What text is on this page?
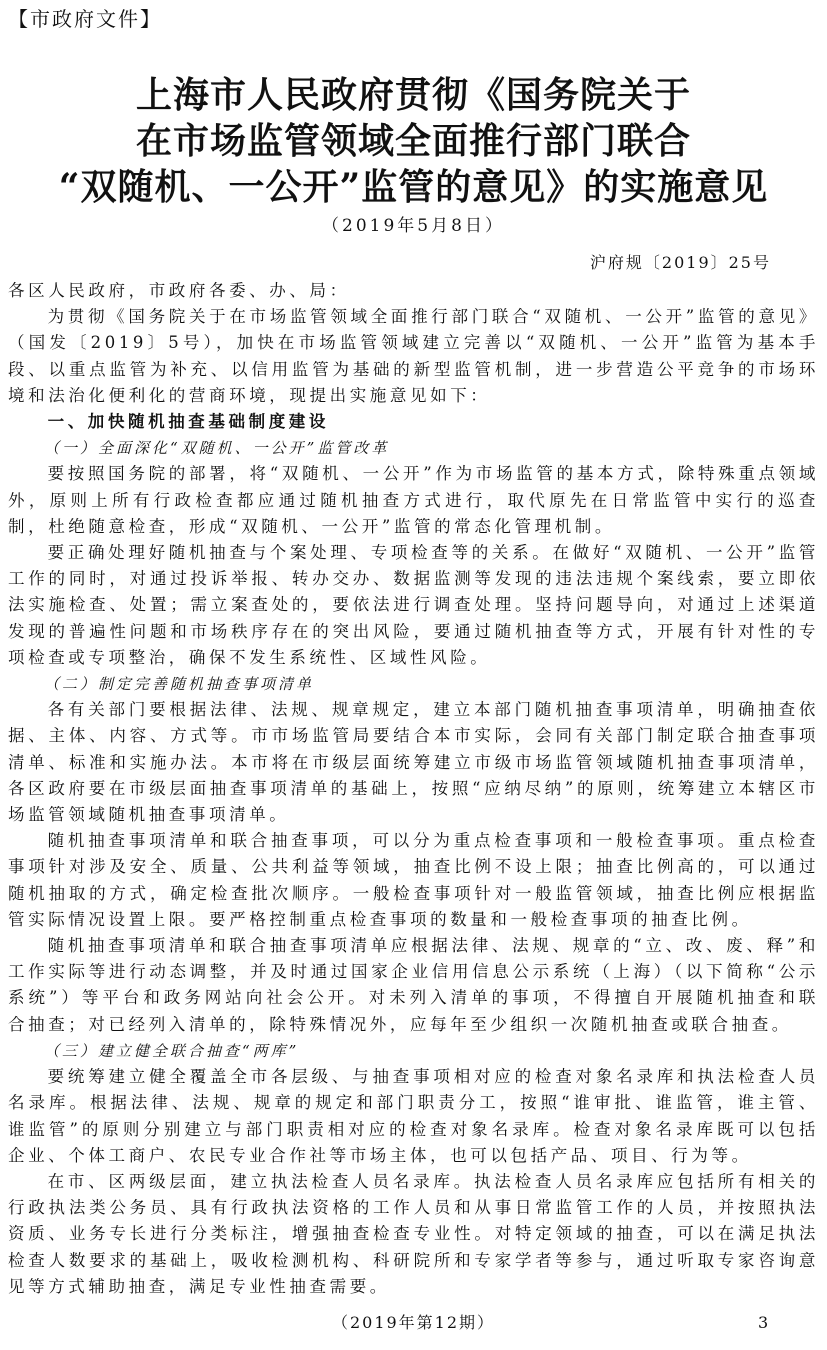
【市政府文件】
上海市人民政府贯彻《国务院关于
在市场监管领域全面推行部门联合
“双随机、一公开”监管的意见》的实施意见
（2019年5月8日）
沪府规〔2019〕25号

各区人民政府，市政府各委、办、局：

为贯彻《国务院关于在市场监管领域全面推行部门联合“双随机、一公开”监管的意见》（国发〔2019〕5号），加快在市场监管领域建立完善以“双随机、一公开”监管为基本手段、以重点监管为补充、以信用监管为基础的新型监管机制，进一步营造公平竞争的市场环境和法治化便利化的营商环境，现提出实施意见如下：

一、加快随机抽查基础制度建设

（一）全面深化“双随机、一公开”监管改革

要按照国务院的部署，将“双随机、一公开”作为市场监管的基本方式，除特殊重点领域外，原则上所有行政检查都应通过随机抽查方式进行，取代原先在日常监管中实行的巡查制，杜绝随意检查，形成“双随机、一公开”监管的常态化管理机制。

要正确处理好随机抽查与个案处理、专项检查等的关系。在做好“双随机、一公开”监管工作的同时，对通过投诉举报、转办交办、数据监测等发现的违法违规个案线索，要立即依法实施检查、处置；需立案查处的，要依法进行调查处理。坚持问题导向，对通过上述渠道发现的普遍性问题和市场秩序存在的突出风险，要通过随机抽查等方式，开展有针对性的专项检查或专项整治，确保不发生系统性、区域性风险。

（二）制定完善随机抽查事项清单

各有关部门要根据法律、法规、规章规定，建立本部门随机抽查事项清单，明确抽查依据、主体、内容、方式等。市市场监管局要结合本市实际，会同有关部门制定联合抽查事项清单、标准和实施办法。本市将在市级层面统筹建立市级市场监管领域随机抽查事项清单，各区政府要在市级层面抽查事项清单的基础上，按照“应纳尽纳”的原则，统筹建立本辖区市场监管领域随机抽查事项清单。

随机抽查事项清单和联合抽查事项，可以分为重点检查事项和一般检查事项。重点检查事项针对涉及安全、质量、公共利益等领域，抽查比例不设上限；抽查比例高的，可以通过随机抽取的方式，确定检查批次顺序。一般检查事项针对一般监管领域，抽查比例应根据监管实际情况设置上限。要严格控制重点检查事项的数量和一般检查事项的抽查比例。

随机抽查事项清单和联合抽查事项清单应根据法律、法规、规章的“立、改、废、释”和工作实际等进行动态调整，并及时通过国家企业信用信息公示系统（上海）（以下简称“公示系统”）等平台和政务网站向社会公开。对未列入清单的事项，不得擅自开展随机抽查和联合抽查；对已经列入清单的，除特殊情况外，应每年至少组织一次随机抽查或联合抽查。

（三）建立健全联合抽查“两库”

要统筹建立健全覆盖全市各层级、与抽查事项相对应的检查对象名录库和执法检查人员名录库。根据法律、法规、规章的规定和部门职责分工，按照“谁审批、谁监管，谁主管、谁监管”的原则分别建立与部门职责相对应的检查对象名录库。检查对象名录库既可以包括企业、个体工商户、农民专业合作社等市场主体，也可以包括产品、项目、行为等。

在市、区两级层面，建立执法检查人员名录库。执法检查人员名录库应包括所有相关的行政执法类公务员、具有行政执法资格的工作人员和从事日常监管工作的人员，并按照执法资质、业务专长进行分类标注，增强抽查检查专业性。对特定领域的抽查，可以在满足执法检查人数要求的基础上，吸收检测机构、科研院所和专家学者等参与，通过听取专家咨询意见等方式辅助抽查，满足专业性抽查需要。

（2019年第12期）	3
